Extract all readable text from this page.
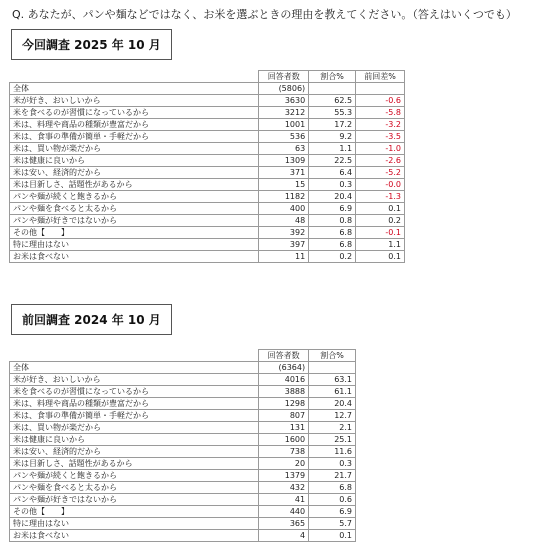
Q. あなたが、パンや麺などではなく、お米を選ぶときの理由を教えてください。（答えはいくつでも）
今回調査 2025 年 10 月
	回答者数	割合%	前回差%
全体	(5806)		
米が好き、おいしいから	3630	62.5	-0.6
米を食べるのが習慣になっているから	3212	55.3	-5.8
米は、料理や商品の種類が豊富だから	1001	17.2	-3.2
米は、食事の準備が簡単・手軽だから	536	9.2	-3.5
米は、買い物が楽だから	63	1.1	-1.0
米は健康に良いから	1309	22.5	-2.6
米は安い、経済的だから	371	6.4	-5.2
米は目新しさ、話題性があるから	15	0.3	-0.0
パンや麺が続くと飽きるから	1182	20.4	-1.3
パンや麺を食べると太るから	400	6.9	0.1
パンや麺が好きではないから	48	0.8	0.2
その他【　　】	392	6.8	-0.1
特に理由はない	397	6.8	1.1
お米は食べない	11	0.2	0.1
前回調査 2024 年 10 月
	回答者数	割合%
全体	(6364)	
米が好き、おいしいから	4016	63.1
米を食べるのが習慣になっているから	3888	61.1
米は、料理や商品の種類が豊富だから	1298	20.4
米は、食事の準備が簡単・手軽だから	807	12.7
米は、買い物が楽だから	131	2.1
米は健康に良いから	1600	25.1
米は安い、経済的だから	738	11.6
米は目新しさ、話題性があるから	20	0.3
パンや麺が続くと飽きるから	1379	21.7
パンや麺を食べると太るから	432	6.8
パンや麺が好きではないから	41	0.6
その他【　　】	440	6.9
特に理由はない	365	5.7
お米は食べない	4	0.1
